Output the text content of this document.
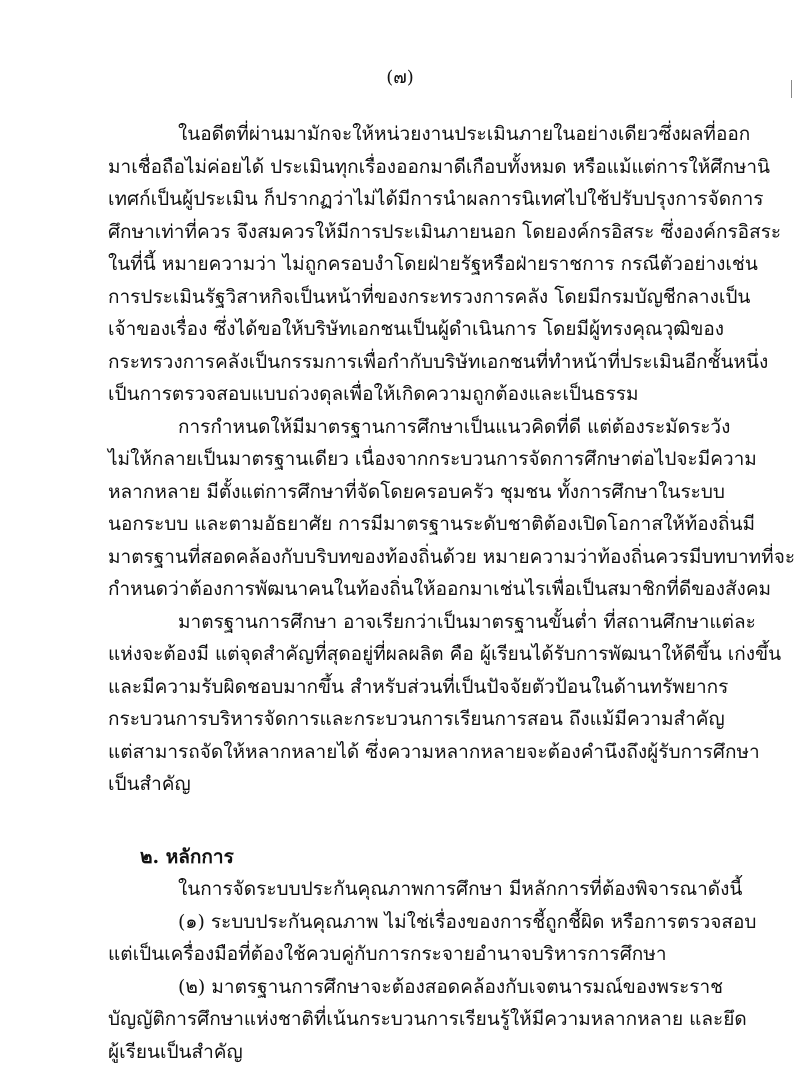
(๗)
ในอดีตที่ผ่านมามักจะให้หน่วยงานประเมินภายในอย่างเดียวซึ่งผลที่ออก
มาเชื่อถือไม่ค่อยได้ ประเมินทุกเรื่องออกมาดีเกือบทั้งหมด หรือแม้แต่การให้ศึกษานิ
เทศก์เป็นผู้ประเมิน ก็ปรากฏว่าไม่ได้มีการนำผลการนิเทศไปใช้ปรับปรุงการจัดการ
ศึกษาเท่าที่ควร จึงสมควรให้มีการประเมินภายนอก โดยองค์กรอิสระ ซึ่งองค์กรอิสระ
ในที่นี้ หมายความว่า ไม่ถูกครอบงำโดยฝ่ายรัฐหรือฝ่ายราชการ กรณีตัวอย่างเช่น
การประเมินรัฐวิสาหกิจเป็นหน้าที่ของกระทรวงการคลัง โดยมีกรมบัญชีกลางเป็น
เจ้าของเรื่อง ซึ่งได้ขอให้บริษัทเอกชนเป็นผู้ดำเนินการ โดยมีผู้ทรงคุณวุฒิของ
กระทรวงการคลังเป็นกรรมการเพื่อกำกับบริษัทเอกชนที่ทำหน้าที่ประเมินอีกชั้นหนึ่ง
เป็นการตรวจสอบแบบถ่วงดุลเพื่อให้เกิดความถูกต้องและเป็นธรรม
การกำหนดให้มีมาตรฐานการศึกษาเป็นแนวคิดที่ดี แต่ต้องระมัดระวัง
ไม่ให้กลายเป็นมาตรฐานเดียว เนื่องจากกระบวนการจัดการศึกษาต่อไปจะมีความ
หลากหลาย มีตั้งแต่การศึกษาที่จัดโดยครอบครัว ชุมชน ทั้งการศึกษาในระบบ
นอกระบบ และตามอัธยาศัย การมีมาตรฐานระดับชาติต้องเปิดโอกาสให้ท้องถิ่นมี
มาตรฐานที่สอดคล้องกับบริบทของท้องถิ่นด้วย หมายความว่าท้องถิ่นควรมีบทบาทที่จะ
กำหนดว่าต้องการพัฒนาคนในท้องถิ่นให้ออกมาเช่นไรเพื่อเป็นสมาชิกที่ดีของสังคม
มาตรฐานการศึกษา อาจเรียกว่าเป็นมาตรฐานขั้นต่ำ ที่สถานศึกษาแต่ละ
แห่งจะต้องมี แต่จุดสำคัญที่สุดอยู่ที่ผลผลิต คือ ผู้เรียนได้รับการพัฒนาให้ดีขึ้น เก่งขึ้น
และมีความรับผิดชอบมากขึ้น สำหรับส่วนที่เป็นปัจจัยตัวป้อนในด้านทรัพยากร
กระบวนการบริหารจัดการและกระบวนการเรียนการสอน ถึงแม้มีความสำคัญ
แต่สามารถจัดให้หลากหลายได้ ซึ่งความหลากหลายจะต้องคำนึงถึงผู้รับการศึกษา
เป็นสำคัญ
๒. หลักการ
ในการจัดระบบประกันคุณภาพการศึกษา มีหลักการที่ต้องพิจารณาดังนี้
(๑) ระบบประกันคุณภาพ ไม่ใช่เรื่องของการชี้ถูกชี้ผิด หรือการตรวจสอบ
แต่เป็นเครื่องมือที่ต้องใช้ควบคู่กับการกระจายอำนาจบริหารการศึกษา
(๒) มาตรฐานการศึกษาจะต้องสอดคล้องกับเจตนารมณ์ของพระราช
บัญญัติการศึกษาแห่งชาติที่เน้นกระบวนการเรียนรู้ให้มีความหลากหลาย และยึด
ผู้เรียนเป็นสำคัญ
